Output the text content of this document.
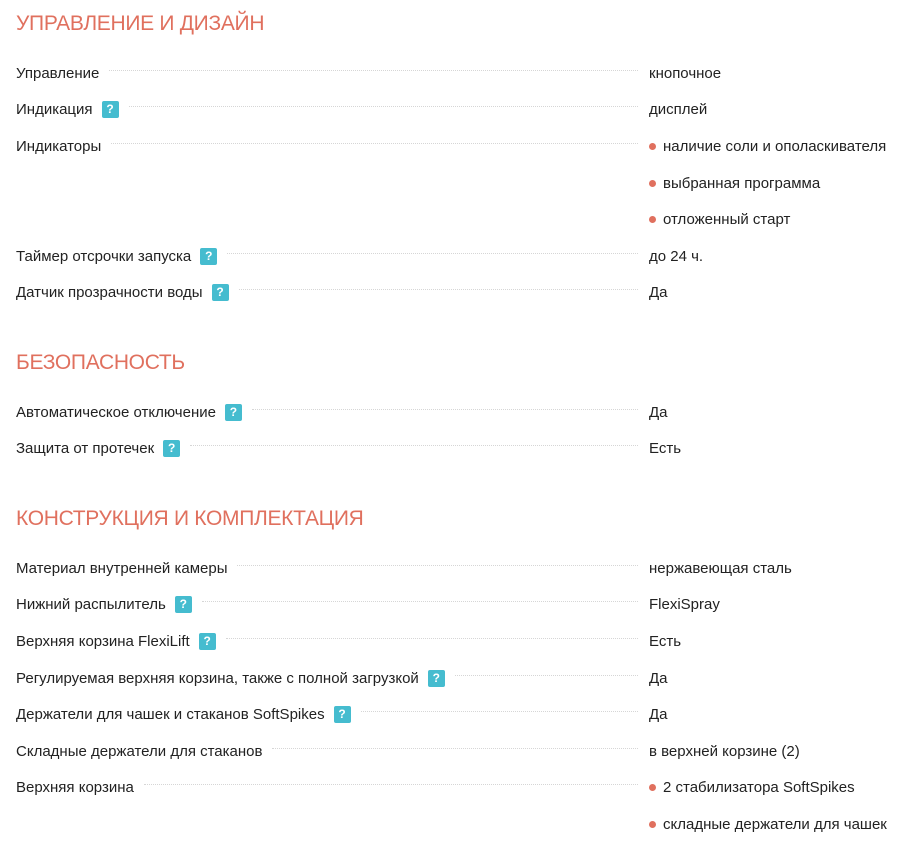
УПРАВЛЕНИЕ И ДИЗАЙН
Управление	кнопочное
Индикация	?	дисплей
Индикаторы	наличие соли и ополаскивателя
выбранная программа
отложенный старт
Таймер отсрочки запуска	?	до 24 ч.
Датчик прозрачности воды	?	Да
БЕЗОПАСНОСТЬ
Автоматическое отключение	?	Да
Защита от протечек	?	Есть
КОНСТРУКЦИЯ И КОМПЛЕКТАЦИЯ
Материал внутренней камеры	нержавеющая сталь
Нижний распылитель	?	FlexiSpray
Верхняя корзина FlexiLift	?	Есть
Регулируемая верхняя корзина, также с полной загрузкой	?	Да
Держатели для чашек и стаканов SoftSpikes	?	Да
Складные держатели для стаканов	в верхней корзине (2)
Верхняя корзина	2 стабилизатора SoftSpikes
складные держатели для чашек
